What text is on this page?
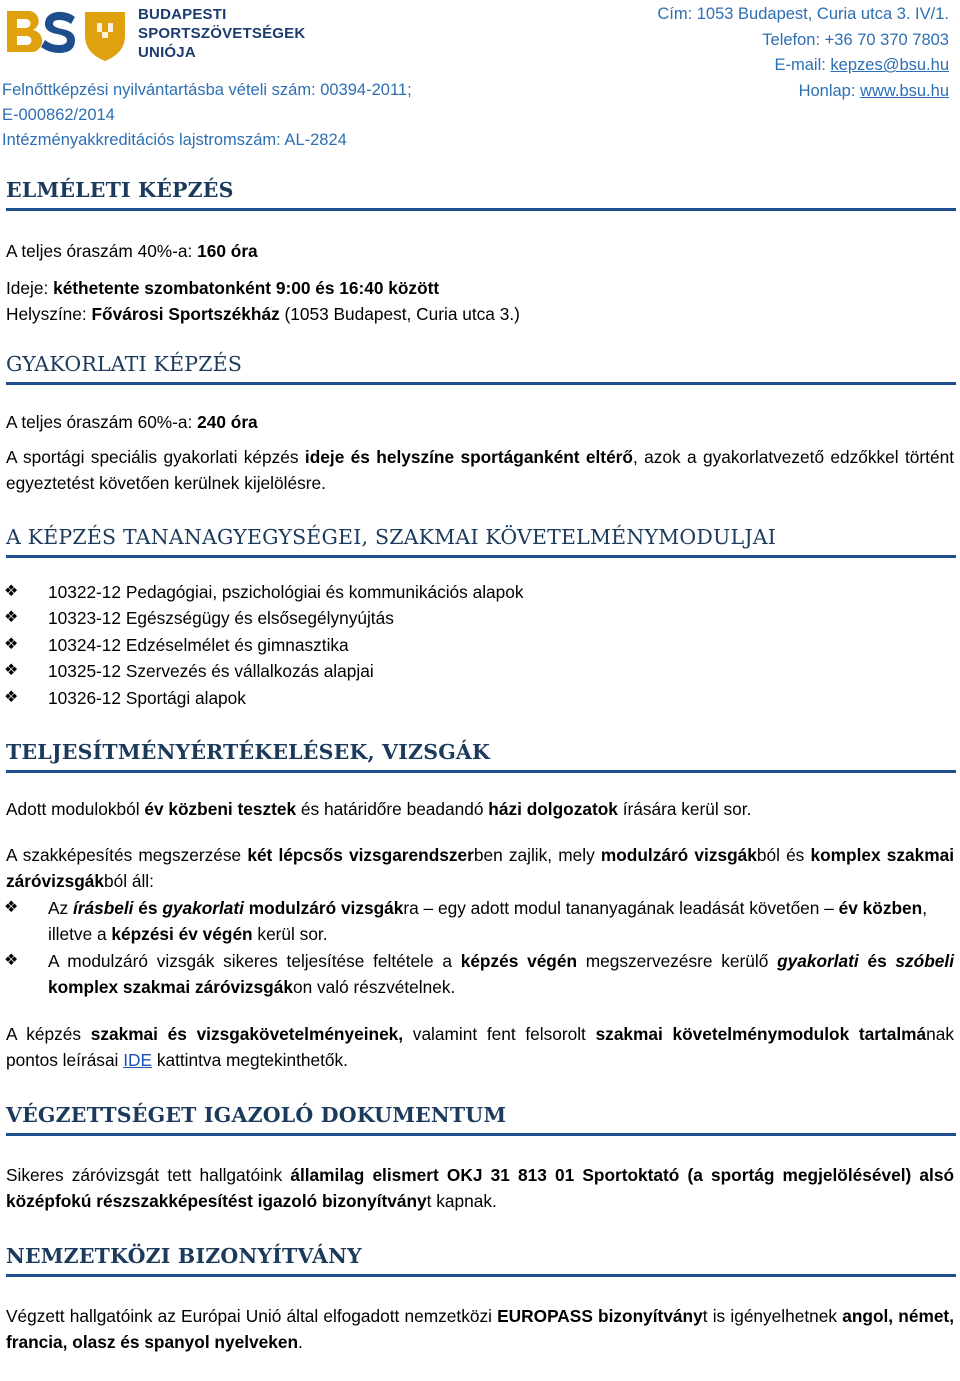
BUDAPESTI
SPORTSZÖVETSÉGEK
UNIÓJA
Felnőttképzési nyilvántartásba vételi szám: 00394-2011;
E-000862/2014
Intézményakkreditációs lajstromszám: AL-2824
Cím: 1053 Budapest, Curia utca 3. IV/1.
Telefon: +36 70 370 7803
E-mail: kepzes@bsu.hu
Honlap: www.bsu.hu
ELMÉLETI KÉPZÉS

A teljes óraszám 40%-a: 160 óra

Ideje: kéthetente szombatonként 9:00 és 16:40 között

Helyszíne: Fővárosi Sportszékház (1053 Budapest, Curia utca 3.)

GYAKORLATI KÉPZÉS

A teljes óraszám 60%-a: 240 óra

A sportági speciális gyakorlati képzés ideje és helyszíne sportáganként eltérő, azok a gyakorlatvezető edzőkkel történt egyeztetést követően kerülnek kijelölésre.

A KÉPZÉS TANANAGYEGYSÉGEI, SZAKMAI KÖVETELMÉNYMODULJAI
❖ 10322-12 Pedagógiai, pszichológiai és kommunikációs alapok
❖ 10323-12 Egészségügy és elsősegélynyújtás
❖ 10324-12 Edzéselmélet és gimnasztika
❖ 10325-12 Szervezés és vállalkozás alapjai
❖ 10326-12 Sportági alapok
TELJESÍTMÉNYÉRTÉKELÉSEK, VIZSGÁK

Adott modulokból év közbeni tesztek és határidőre beadandó házi dolgozatok írására kerül sor.

A szakképesítés megszerzése két lépcsős vizsgarendszerben zajlik, mely modulzáró vizsgákból és komplex szakmai záróvizsgákból áll:

❖ Az írásbeli és gyakorlati modulzáró vizsgákra – egy adott modul tananyagának leadását követően – év közben, illetve a képzési év végén kerül sor.
❖ A modulzáró vizsgák sikeres teljesítése feltétele a képzés végén megszervezésre kerülő gyakorlati és szóbeli komplex szakmai záróvizsgákon való részvételnek.

A képzés szakmai és vizsgakövetelményeinek, valamint fent felsorolt szakmai követelménymodulok tartalmának pontos leírásai IDE kattintva megtekinthetők.

VÉGZETTSÉGET IGAZOLÓ DOKUMENTUM

Sikeres záróvizsgát tett hallgatóink államilag elismert OKJ 31 813 01 Sportoktató (a sportág megjelölésével) alsó középfokú részszakképesítést igazoló bizonyítványt kapnak.

NEMZETKÖZI BIZONYÍTVÁNY

Végzett hallgatóink az Európai Unió által elfogadott nemzetközi EUROPASS bizonyítványt is igényelhetnek angol, német, francia, olasz és spanyol nyelveken.
